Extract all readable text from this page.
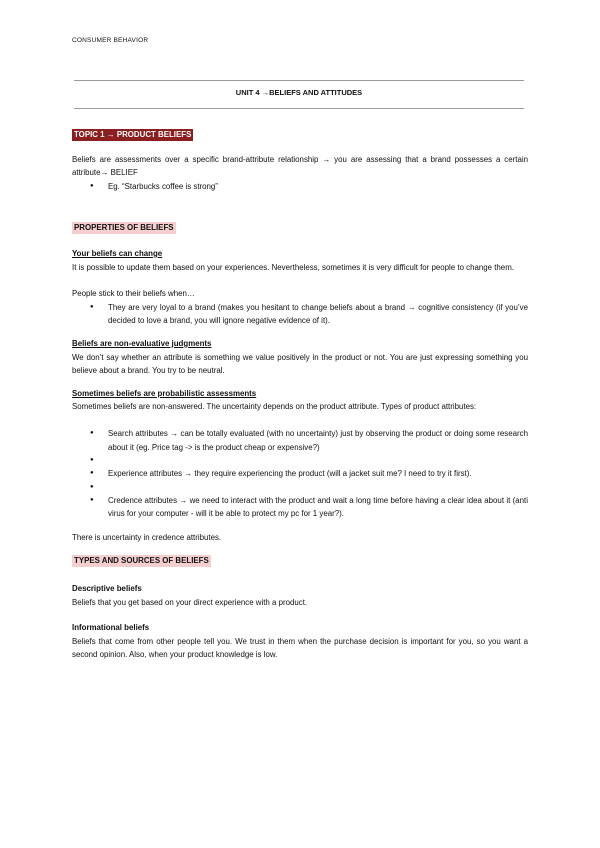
CONSUMER BEHAVIOR
UNIT 4 →BELIEFS AND ATTITUDES

TOPIC 1 → PRODUCT BELIEFS

Beliefs are assessments over a specific brand-attribute relationship → you are assessing that a brand possesses a certain attribute→ BELIEF

● Eg. “Starbucks coffee is strong”

PROPERTIES OF BELIEFS

Your beliefs can change

It is possible to update them based on your experiences. Nevertheless, sometimes it is very difficult for people to change them.

People stick to their beliefs when…

● They are very loyal to a brand (makes you hesitant to change beliefs about a brand → cognitive consistency (if you’ve decided to love a brand, you will ignore negative evidence of it).

Beliefs are non-evaluative judgments

We don’t say whether an attribute is something we value positively in the product or not. You are just expressing something you believe about a brand. You try to be neutral.

Sometimes beliefs are probabilistic assessments

Sometimes beliefs are non-answered. The uncertainty depends on the product attribute. Types of product attributes:

● Search attributes → can be totally evaluated (with no uncertainty) just by observing the product or doing some research about it (eg. Price tag -> is the product cheap or expensive?)
●
● Experience attributes → they require experiencing the product (will a jacket suit me? I need to try it first).
●
● Credence attributes → we need to interact with the product and wait a long time before having a clear idea about it (anti virus for your computer - will it be able to protect my pc for 1 year?).

There is uncertainty in credence attributes.

TYPES AND SOURCES OF BELIEFS

Descriptive beliefs

Beliefs that you get based on your direct experience with a product.

Informational beliefs

Beliefs that come from other people tell you. We trust in them when the purchase decision is important for you, so you want a second opinion. Also, when your product knowledge is low.
